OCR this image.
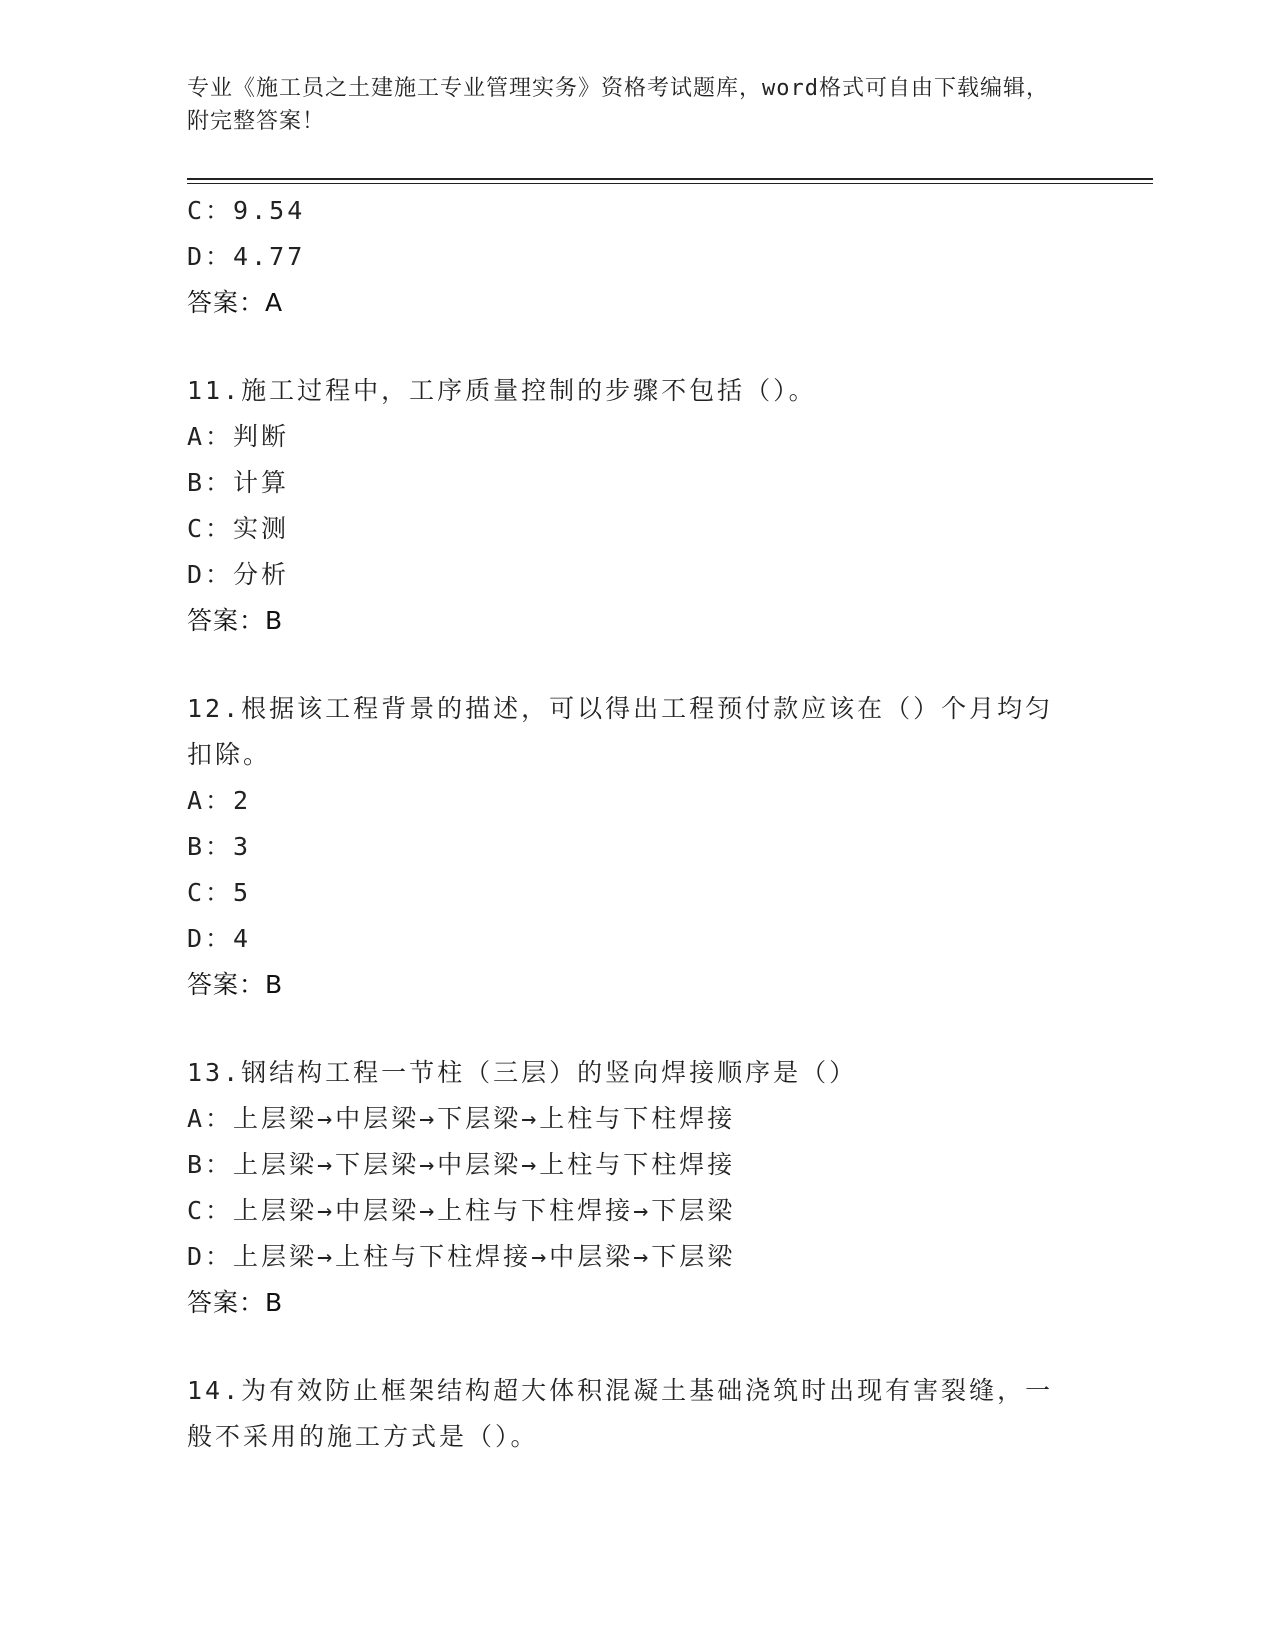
专业《施工员之土建施工专业管理实务》资格考试题库，word格式可自由下载编辑，附完整答案！
C：9.54
D：4.77
答案：A
11.施工过程中，工序质量控制的步骤不包括（）。
A：判断
B：计算
C：实测
D：分析
答案：B
12.根据该工程背景的描述，可以得出工程预付款应该在（）个月均匀扣除。
A：2
B：3
C：5
D：4
答案：B
13.钢结构工程一节柱（三层）的竖向焊接顺序是（）
A：上层梁→中层梁→下层梁→上柱与下柱焊接
B：上层梁→下层梁→中层梁→上柱与下柱焊接
C：上层梁→中层梁→上柱与下柱焊接→下层梁
D：上层梁→上柱与下柱焊接→中层梁→下层梁
答案：B
14.为有效防止框架结构超大体积混凝土基础浇筑时出现有害裂缝，一般不采用的施工方式是（）。
